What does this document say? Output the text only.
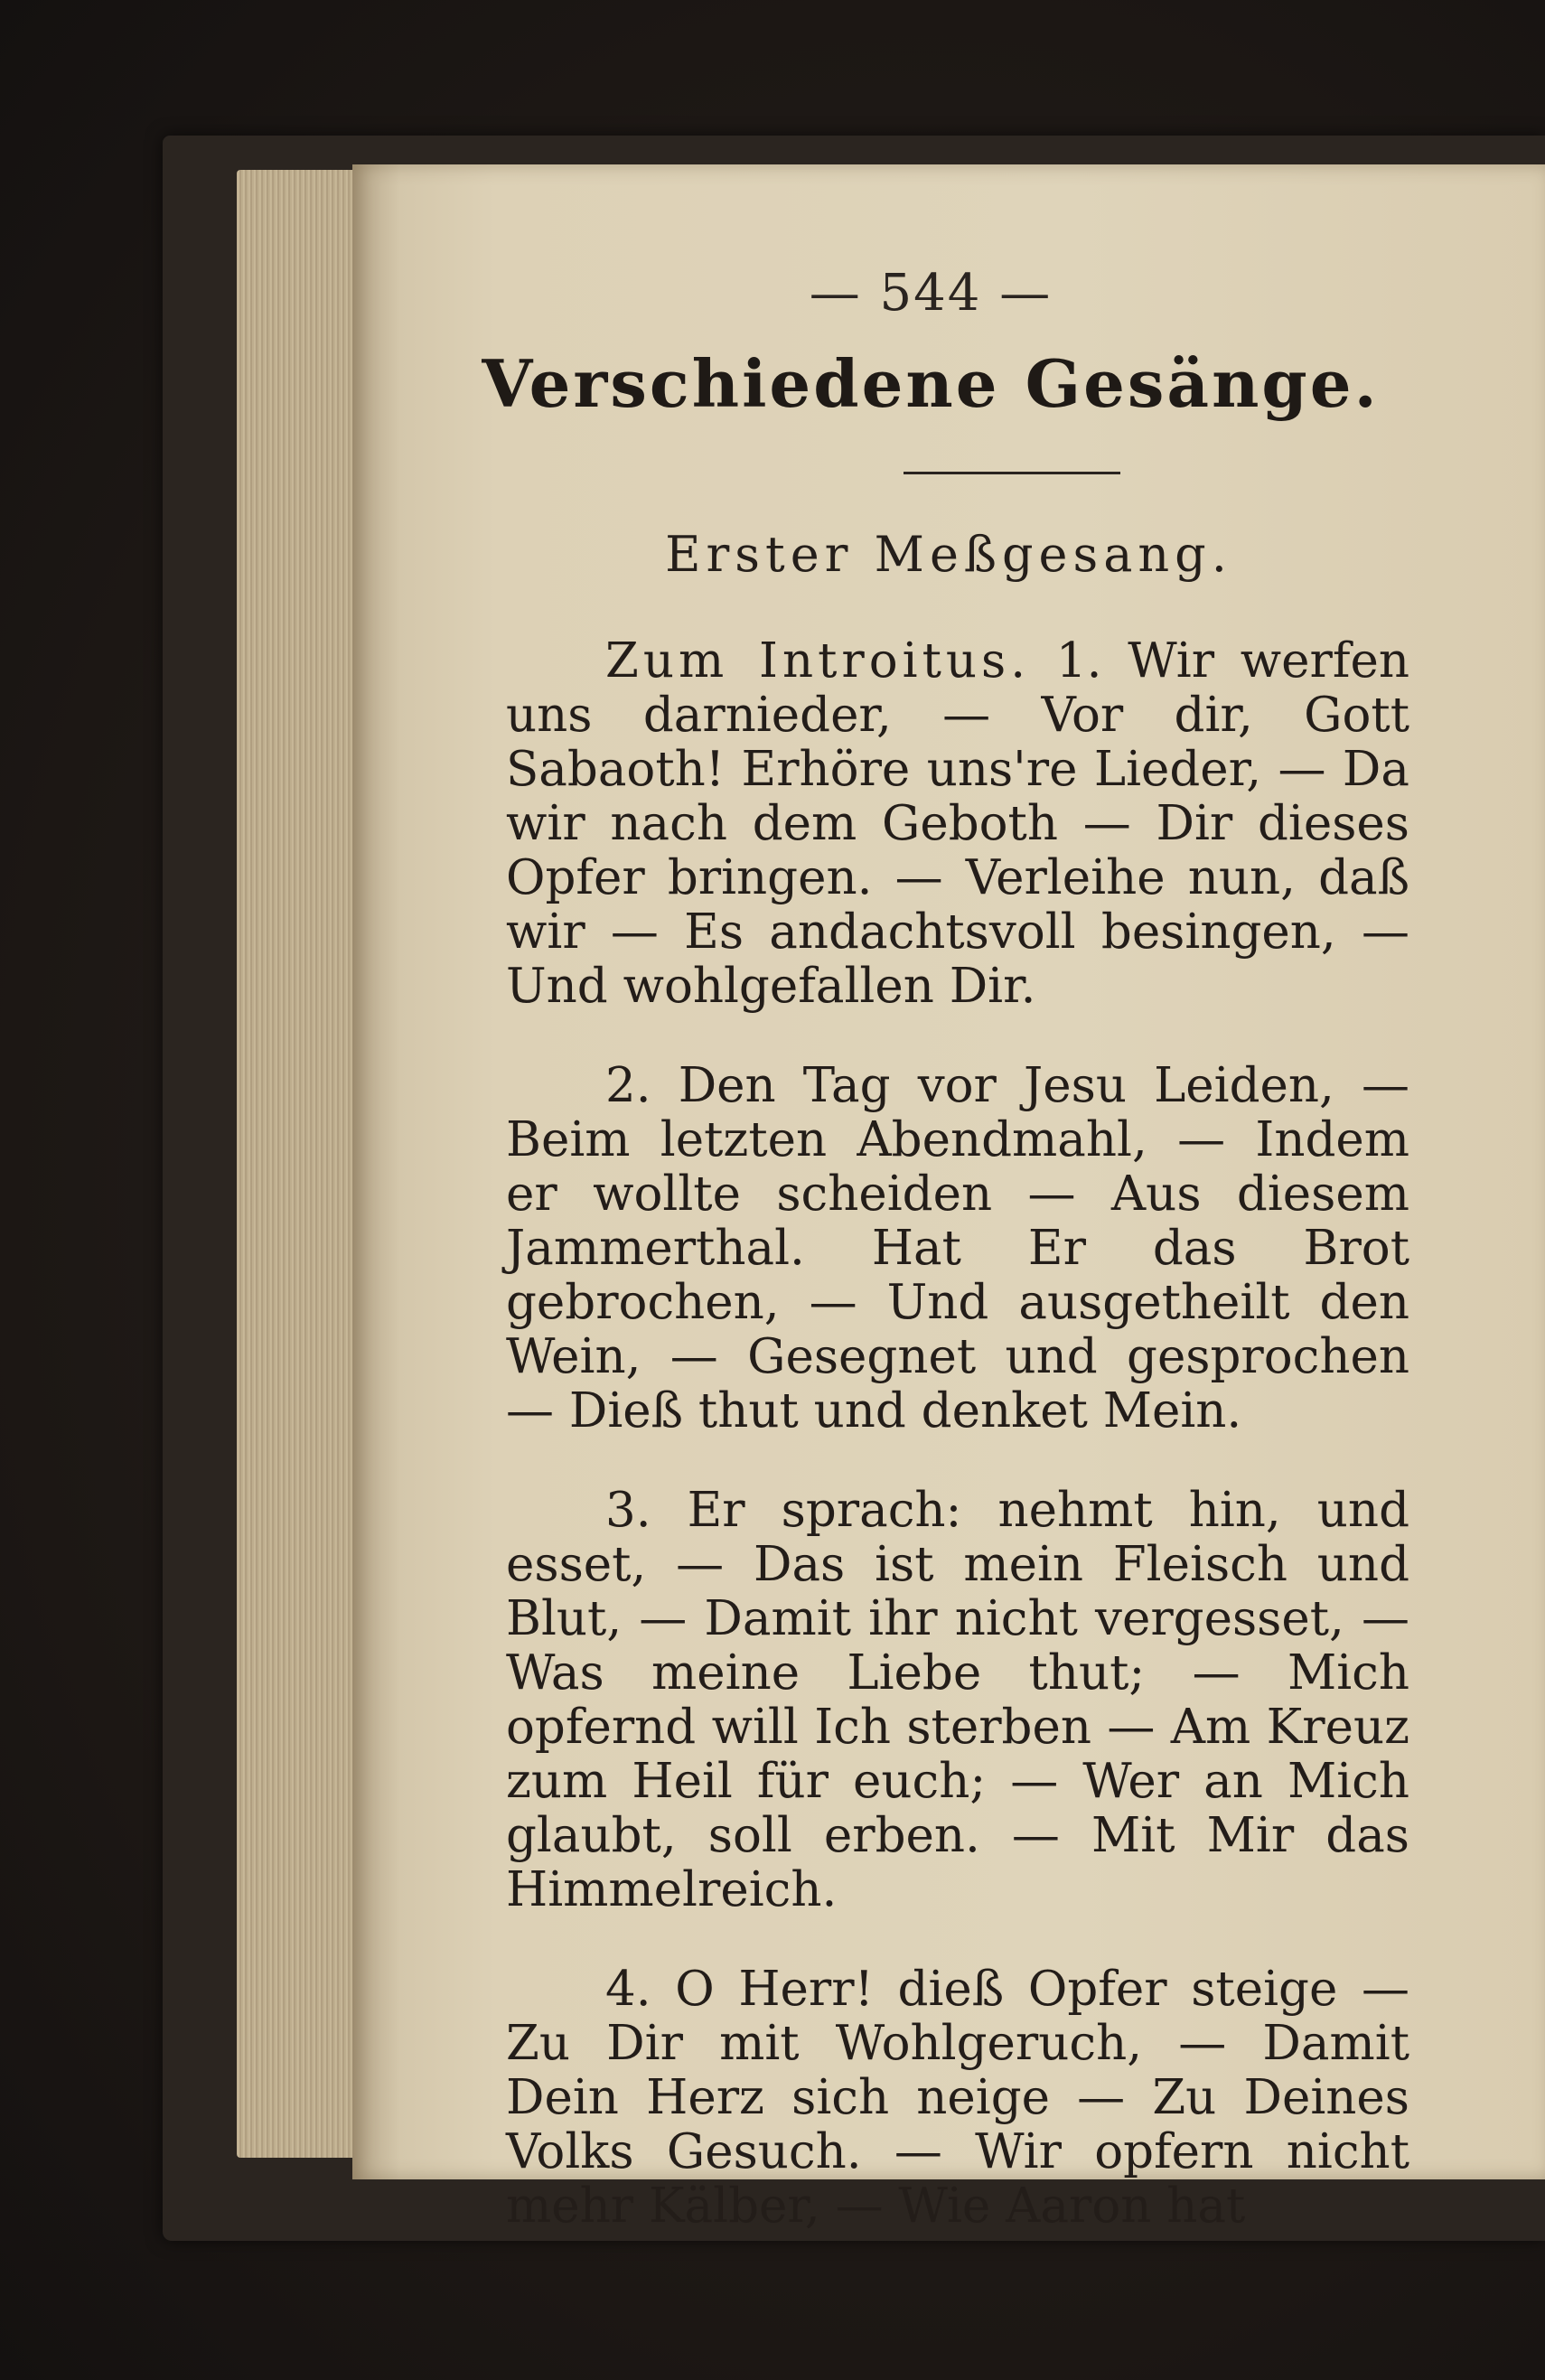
— 544 —
Verschiedene Gesänge.
Erster Meßgesang.

Zum Introitus. 1. Wir werfen uns darnieder, — Vor dir, Gott Sabaoth! Erhöre uns're Lieder, — Da wir nach dem Geboth — Dir dieses Opfer bringen. — Verleihe nun, daß wir — Es andachtsvoll besingen, — Und wohlgefallen Dir.

2. Den Tag vor Jesu Leiden, — Beim letzten Abendmahl, — Indem er wollte scheiden — Aus diesem Jammerthal. Hat Er das Brot gebrochen, — Und ausgetheilt den Wein, — Gesegnet und gesprochen — Dieß thut und denket Mein.

3. Er sprach: nehmt hin, und esset, — Das ist mein Fleisch und Blut, — Damit ihr nicht vergesset, — Was meine Liebe thut; — Mich opfernd will Ich sterben — Am Kreuz zum Heil für euch; — Wer an Mich glaubt, soll erben. — Mit Mir das Himmelreich.

4. O Herr! dieß Opfer steige — Zu Dir mit Wohlgeruch, — Damit Dein Herz sich neige — Zu Deines Volks Gesuch. — Wir opfern nicht mehr Kälber, — Wie Aaron hat
